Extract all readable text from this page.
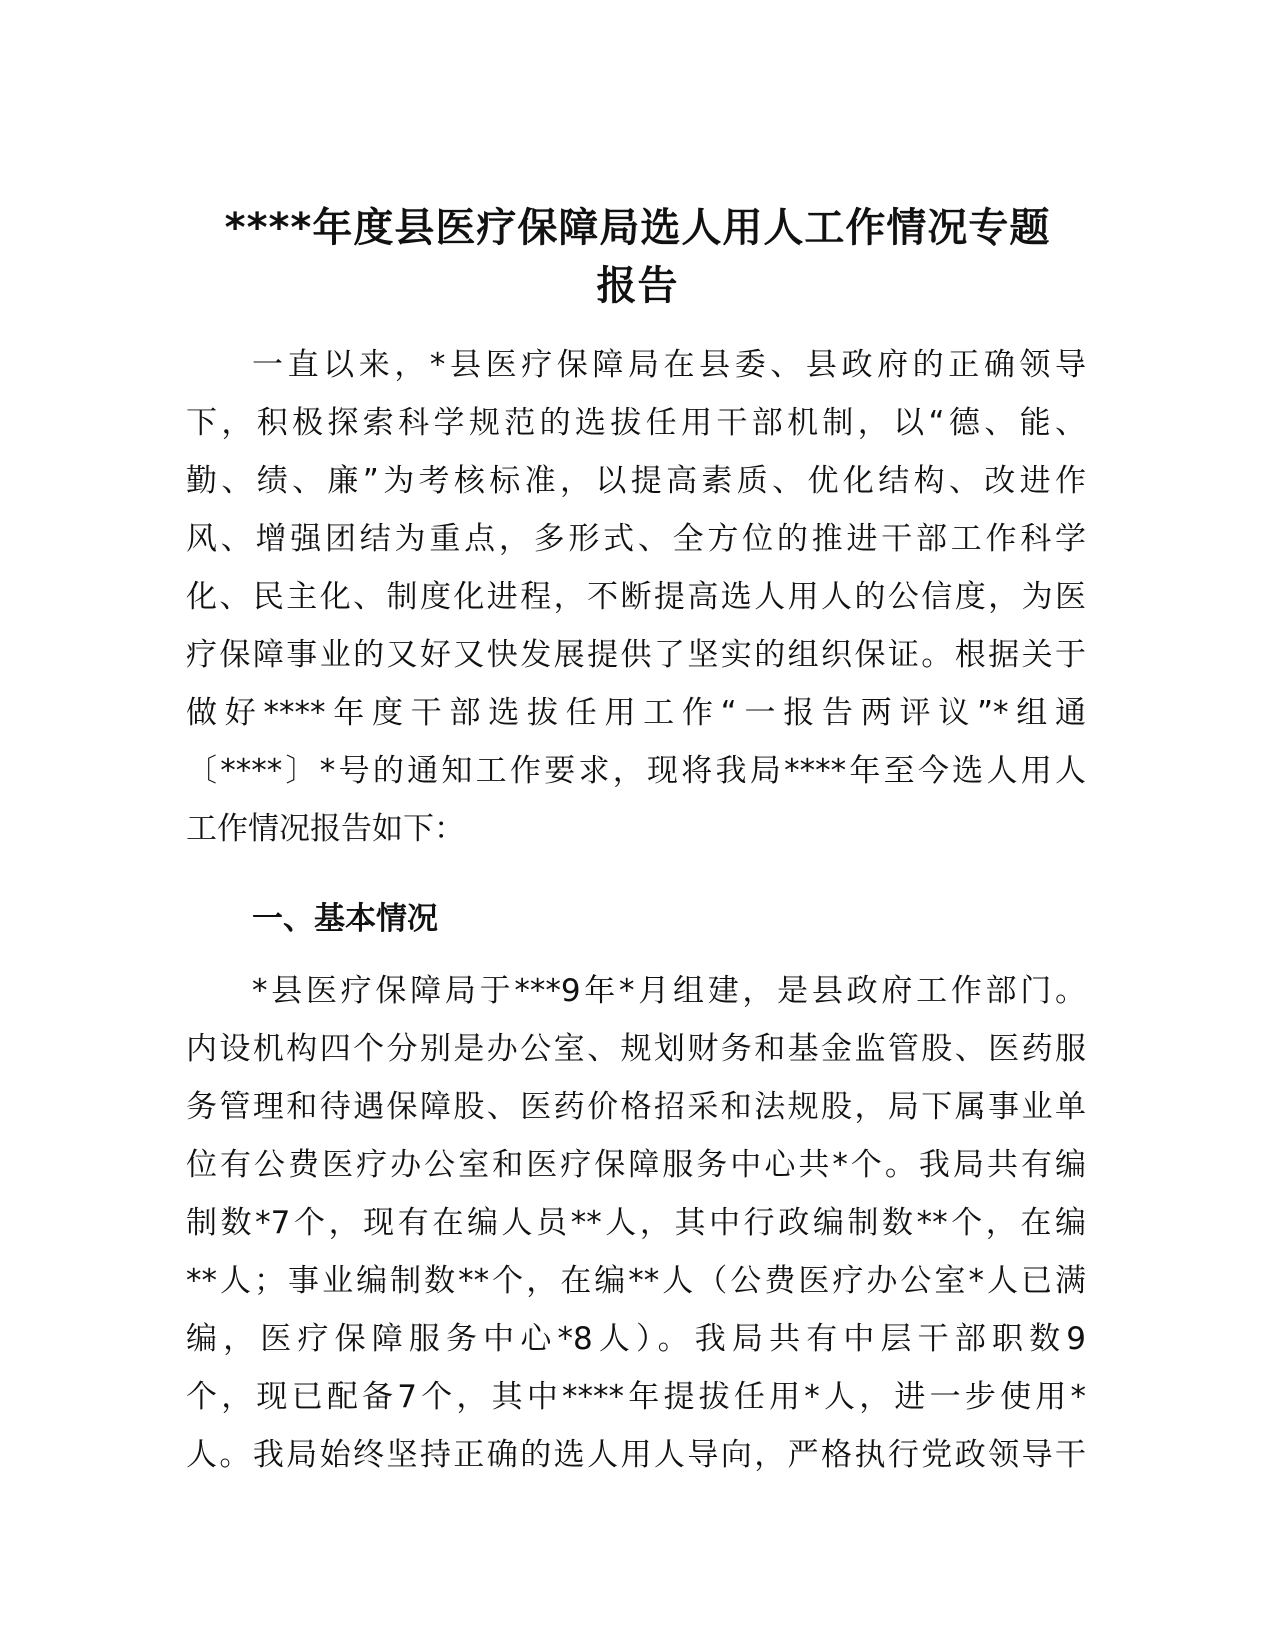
****年度县医疗保障局选人用人工作情况专题
报告
一直以来，*县医疗保障局在县委、县政府的正确领导
下，积极探索科学规范的选拔任用干部机制，以“德、能、
勤、绩、廉”为考核标准，以提高素质、优化结构、改进作
风、增强团结为重点，多形式、全方位的推进干部工作科学
化、民主化、制度化进程，不断提高选人用人的公信度，为医
疗保障事业的又好又快发展提供了坚实的组织保证。根据关于
做好****年度干部选拔任用工作“一报告两评议”*组通
〔****〕*号的通知工作要求，现将我局****年至今选人用人
工作情况报告如下：
一、基本情况
*县医疗保障局于***9年*月组建，是县政府工作部门。
内设机构四个分别是办公室、规划财务和基金监管股、医药服
务管理和待遇保障股、医药价格招采和法规股，局下属事业单
位有公费医疗办公室和医疗保障服务中心共*个。我局共有编
制数*7个，现有在编人员**人，其中行政编制数**个，在编
**人；事业编制数**个，在编**人（公费医疗办公室*人已满
编，医疗保障服务中心*8人）。我局共有中层干部职数9
个，现已配备7个，其中****年提拔任用*人，进一步使用*
人。我局始终坚持正确的选人用人导向，严格执行党政领导干
